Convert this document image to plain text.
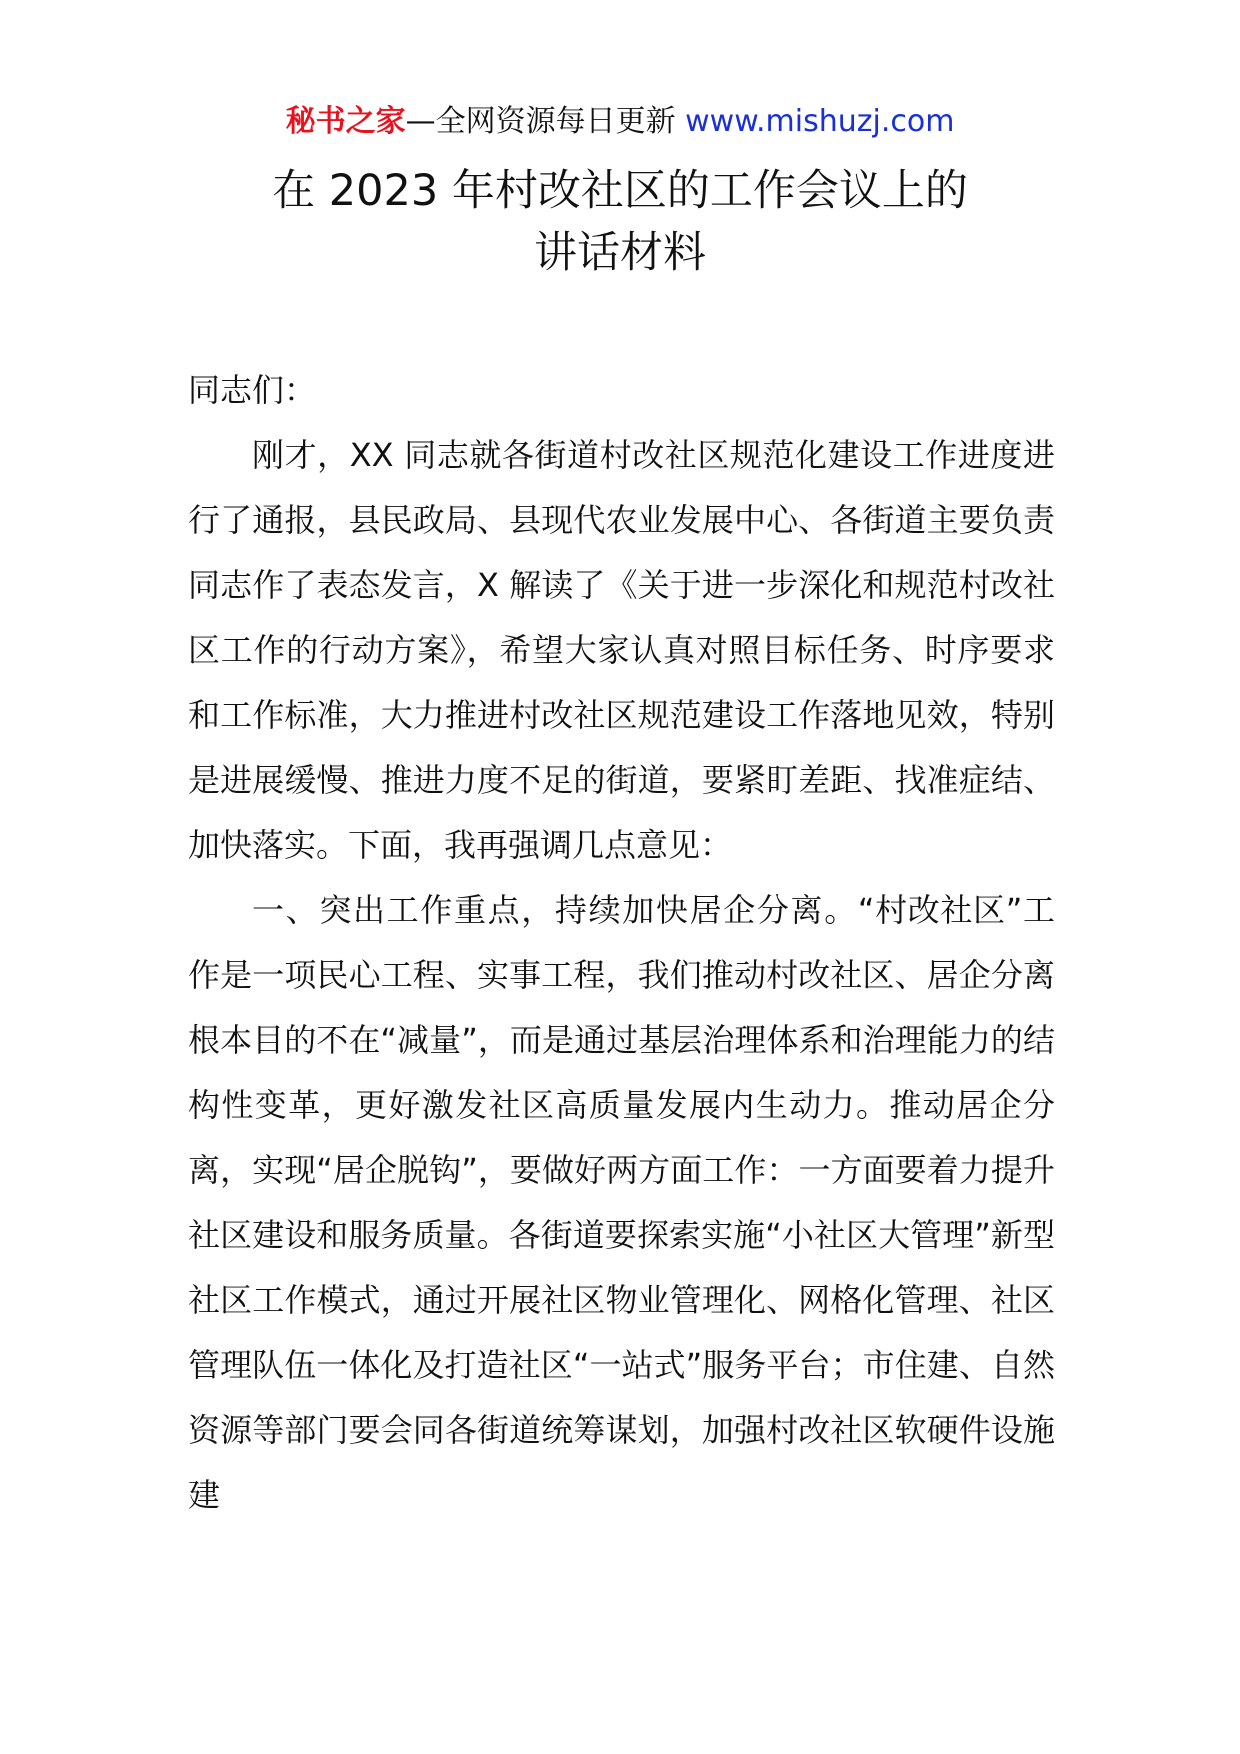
秘书之家—全网资源每日更新 www.mishuzj.com
在 2023 年村改社区的工作会议上的
讲话材料

同志们：

刚才，XX 同志就各街道村改社区规范化建设工作进度进行了通报，县民政局、县现代农业发展中心、各街道主要负责同志作了表态发言，X 解读了《关于进一步深化和规范村改社区工作的行动方案》，希望大家认真对照目标任务、时序要求和工作标准，大力推进村改社区规范建设工作落地见效，特别是进展缓慢、推进力度不足的街道，要紧盯差距、找准症结、加快落实。下面，我再强调几点意见：

一、突出工作重点，持续加快居企分离。“村改社区”工作是一项民心工程、实事工程，我们推动村改社区、居企分离根本目的不在“减量”，而是通过基层治理体系和治理能力的结构性变革，更好激发社区高质量发展内生动力。推动居企分离，实现“居企脱钩”，要做好两方面工作：一方面要着力提升社区建设和服务质量。各街道要探索实施“小社区大管理”新型社区工作模式，通过开展社区物业管理化、网格化管理、社区管理队伍一体化及打造社区“一站式”服务平台；市住建、自然资源等部门要会同各街道统筹谋划，加强村改社区软硬件设施建
